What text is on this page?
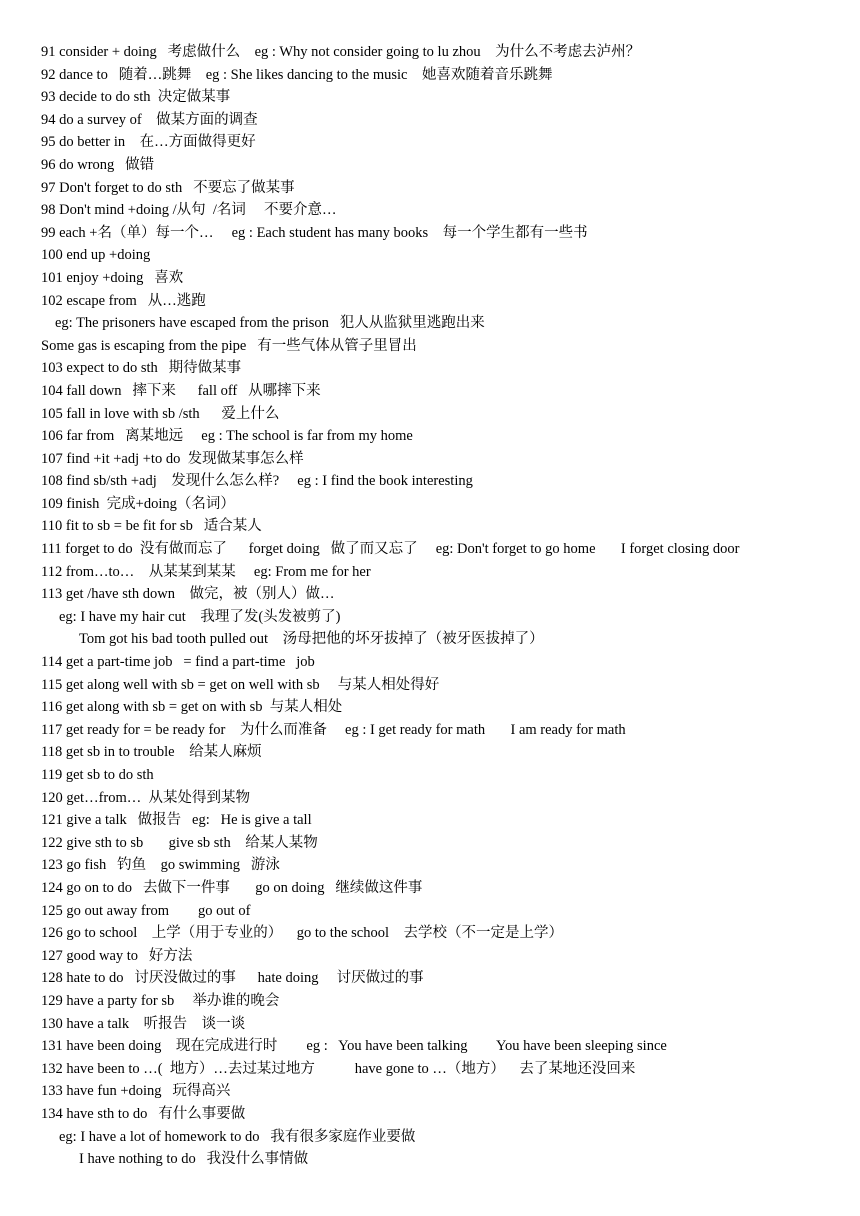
91 consider + doing   考虑做什么    eg : Why not consider going to lu zhou    为什么不考虑去泸州？
92 dance to   随着…跳舞    eg : She likes dancing to the music    她喜欢随着音乐跳舞
93 decide to do sth  决定做某事
94 do a survey of    做某方面的调查
95 do better in    在…方面做得更好
96 do wrong   做错
97 Don't forget to do sth   不要忘了做某事
98 Don't mind +doing /从句  /名词     不要介意…
99 each +名（单）每一个…     eg : Each student has many books    每一个学生都有一些书
100 end up +doing
101 enjoy +doing   喜欢
102 escape from   从…逃跑
eg: The prisoners have escaped from the prison   犯人从监狱里逃跑出来
Some gas is escaping from the pipe   有一些气体从管子里冒出
103 expect to do sth   期待做某事
104 fall down   摔下来      fall off   从哪摔下来
105 fall in love with sb /sth      爱上什么
106 far from   离某地远     eg : The school is far from my home
107 find +it +adj +to do  发现做某事怎么样
108 find sb/sth +adj    发现什么怎么样?     eg : I find the book interesting
109 finish  完成+doing（名词）
110 fit to sb = be fit for sb   适合某人
111 forget to do  没有做而忘了      forget doing   做了而又忘了     eg: Don't forget to go home       I forget closing door
112 from…to…    从某某到某某     eg: From me for her
113 get /have sth down    做完，被（别人）做…
eg: I have my hair cut    我理了发(头发被剪了)
Tom got his bad tooth pulled out    汤母把他的坏牙拔掉了（被牙医拔掉了）
114 get a part-time job   = find a part-time   job
115 get along well with sb = get on well with sb     与某人相处得好
116 get along with sb = get on with sb  与某人相处
117 get ready for = be ready for    为什么而准备     eg : I get ready for math       I am ready for math
118 get sb in to trouble    给某人麻烦
119 get sb to do sth
120 get…from…  从某处得到某物
121 give a talk   做报告   eg:   He is give a tall
122 give sth to sb       give sb sth    给某人某物
123 go fish   钓鱼    go swimming   游泳
124 go on to do   去做下一件事       go on doing   继续做这件事
125 go out away from        go out of
126 go to school    上学（用于专业的）    go to the school    去学校（不一定是上学）
127 good way to   好方法
128 hate to do   讨厌没做过的事      hate doing     讨厌做过的事
129 have a party for sb     举办谁的晚会
130 have a talk    听报告    谈一谈
131 have been doing    现在完成进行时        eg :   You have been talking        You have been sleeping since
132 have been to …(  地方）…去过某过地方           have gone to …（地方）    去了某地还没回来
133 have fun +doing   玩得高兴
134 have sth to do   有什么事要做
eg: I have a lot of homework to do   我有很多家庭作业要做
I have nothing to do   我没什么事情做
